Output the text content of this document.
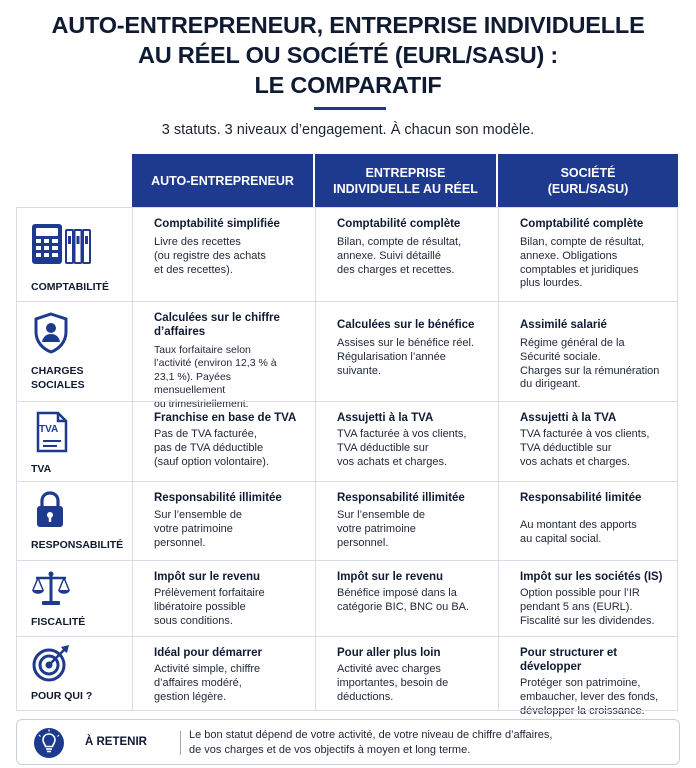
AUTO-ENTREPRENEUR, ENTREPRISE INDIVIDUELLE
AU RÉEL OU SOCIÉTÉ (EURL/SASU) :
LE COMPARATIF
3 statuts. 3 niveaux d’engagement. À chacun son modèle.
AUTO-ENTREPRENEUR
ENTREPRISE
INDIVIDUELLE AU RÉEL
SOCIÉTÉ
(EURL/SASU)
COMPTABILITÉ
Comptabilité simplifiée
Livre des recettes
(ou registre des achats
et des recettes).
Comptabilité complète
Bilan, compte de résultat,
annexe. Suivi détaillé
des charges et recettes.
Comptabilité complète
Bilan, compte de résultat,
annexe. Obligations
comptables et juridiques
plus lourdes.
CHARGES
SOCIALES
Calculées sur le chiffre
d’affaires
Taux forfaitaire selon
l’activité (environ 12,3 % à
23,1 %). Payées mensuellement
ou trimestriellement.
Calculées sur le bénéfice
Assises sur le bénéfice réel.
Régularisation l’année
suivante.
Assimilé salarié
Régime général de la
Sécurité sociale.
Charges sur la rémunération
du dirigeant.
TVA
TVA
Franchise en base de TVA
Pas de TVA facturée,
pas de TVA déductible
(sauf option volontaire).
Assujetti à la TVA
TVA facturée à vos clients,
TVA déductible sur
vos achats et charges.
Assujetti à la TVA
TVA facturée à vos clients,
TVA déductible sur
vos achats et charges.
RESPONSABILITÉ
Responsabilité illimitée
Sur l’ensemble de
votre patrimoine
personnel.
Responsabilité illimitée
Sur l’ensemble de
votre patrimoine
personnel.
Responsabilité limitée

Au montant des apports
au capital social.
FISCALITÉ
Impôt sur le revenu
Prélèvement forfaitaire
libératoire possible
sous conditions.
Impôt sur le revenu
Bénéfice imposé dans la
catégorie BIC, BNC ou BA.
Impôt sur les sociétés (IS)
Option possible pour l’IR
pendant 5 ans (EURL).
Fiscalité sur les dividendes.
POUR QUI ?
Idéal pour démarrer
Activité simple, chiffre
d’affaires modéré,
gestion légère.
Pour aller plus loin
Activité avec charges
importantes, besoin de
déductions.
Pour structurer et développer
Protéger son patrimoine,
embaucher, lever des fonds,
développer la croissance.
À RETENIR
Le bon statut dépend de votre activité, de votre niveau de chiffre d’affaires,
de vos charges et de vos objectifs à moyen et long terme.
